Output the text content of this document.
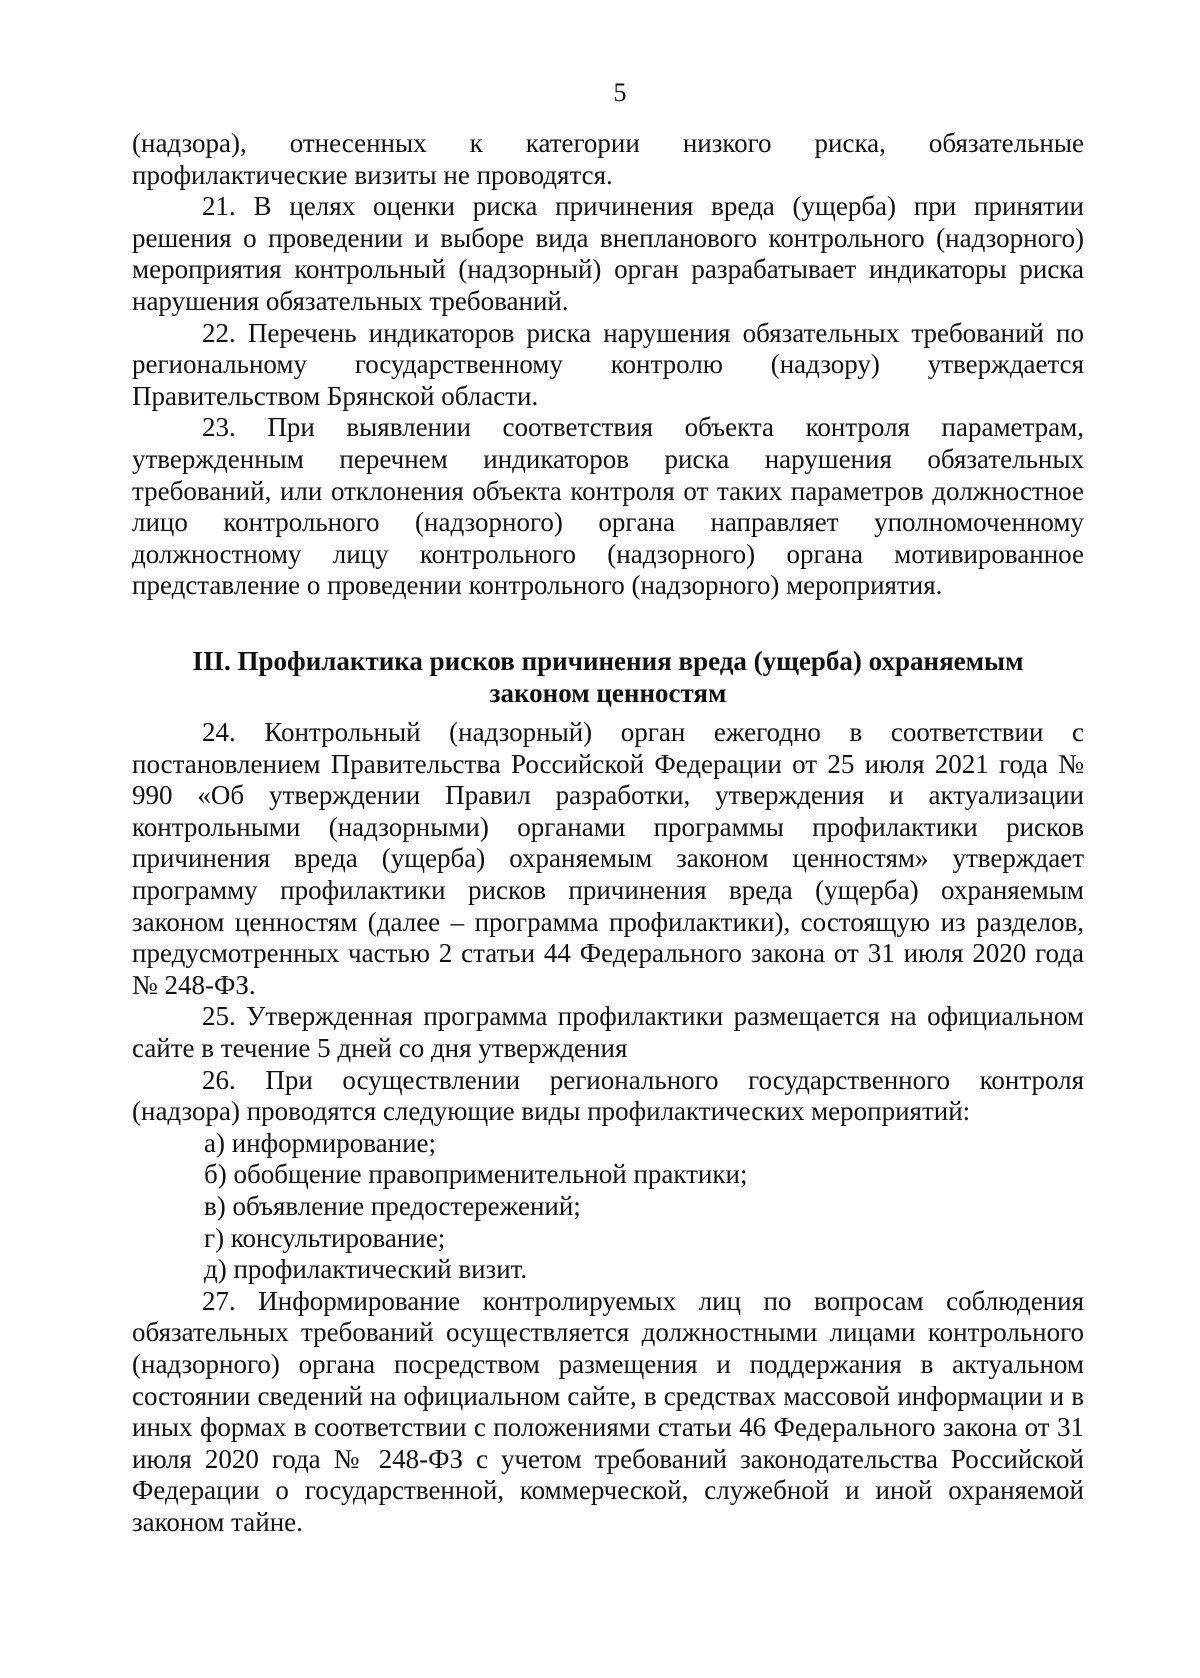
5

(надзора), отнесенных к категории низкого риска, обязательные профилактические визиты не проводятся.

21. В целях оценки риска причинения вреда (ущерба) при принятии решения о проведении и выборе вида внепланового контрольного (надзорного) мероприятия контрольный (надзорный) орган разрабатывает индикаторы риска нарушения обязательных требований.

22. Перечень индикаторов риска нарушения обязательных требований по региональному государственному контролю (надзору) утверждается Правительством Брянской области.

23. При выявлении соответствия объекта контроля параметрам, утвержденным перечнем индикаторов риска нарушения обязательных требований, или отклонения объекта контроля от таких параметров должностное лицо контрольного (надзорного) органа направляет уполномоченному должностному лицу контрольного (надзорного) органа мотивированное представление о проведении контрольного (надзорного) мероприятия.

III. Профилактика рисков причинения вреда (ущерба) охраняемым законом ценностям

24. Контрольный (надзорный) орган ежегодно в соответствии с постановлением Правительства Российской Федерации от 25 июля 2021 года № 990 «Об утверждении Правил разработки, утверждения и актуализации контрольными (надзорными) органами программы профилактики рисков причинения вреда (ущерба) охраняемым законом ценностям» утверждает программу профилактики рисков причинения вреда (ущерба) охраняемым законом ценностям (далее – программа профилактики), состоящую из разделов, предусмотренных частью 2 статьи 44 Федерального закона от 31 июля 2020 года № 248-ФЗ.

25. Утвержденная программа профилактики размещается на официальном сайте в течение 5 дней со дня утверждения

26. При осуществлении регионального государственного контроля (надзора) проводятся следующие виды профилактических мероприятий:

а) информирование;

б) обобщение правоприменительной практики;

в) объявление предостережений;

г) консультирование;

д) профилактический визит.

27. Информирование контролируемых лиц по вопросам соблюдения обязательных требований осуществляется должностными лицами контрольного (надзорного) органа посредством размещения и поддержания в актуальном состоянии сведений на официальном сайте, в средствах массовой информации и в иных формах в соответствии с положениями статьи 46 Федерального закона от 31 июля 2020 года № 248-ФЗ с учетом требований законодательства Российской Федерации о государственной, коммерческой, служебной и иной охраняемой законом тайне.
